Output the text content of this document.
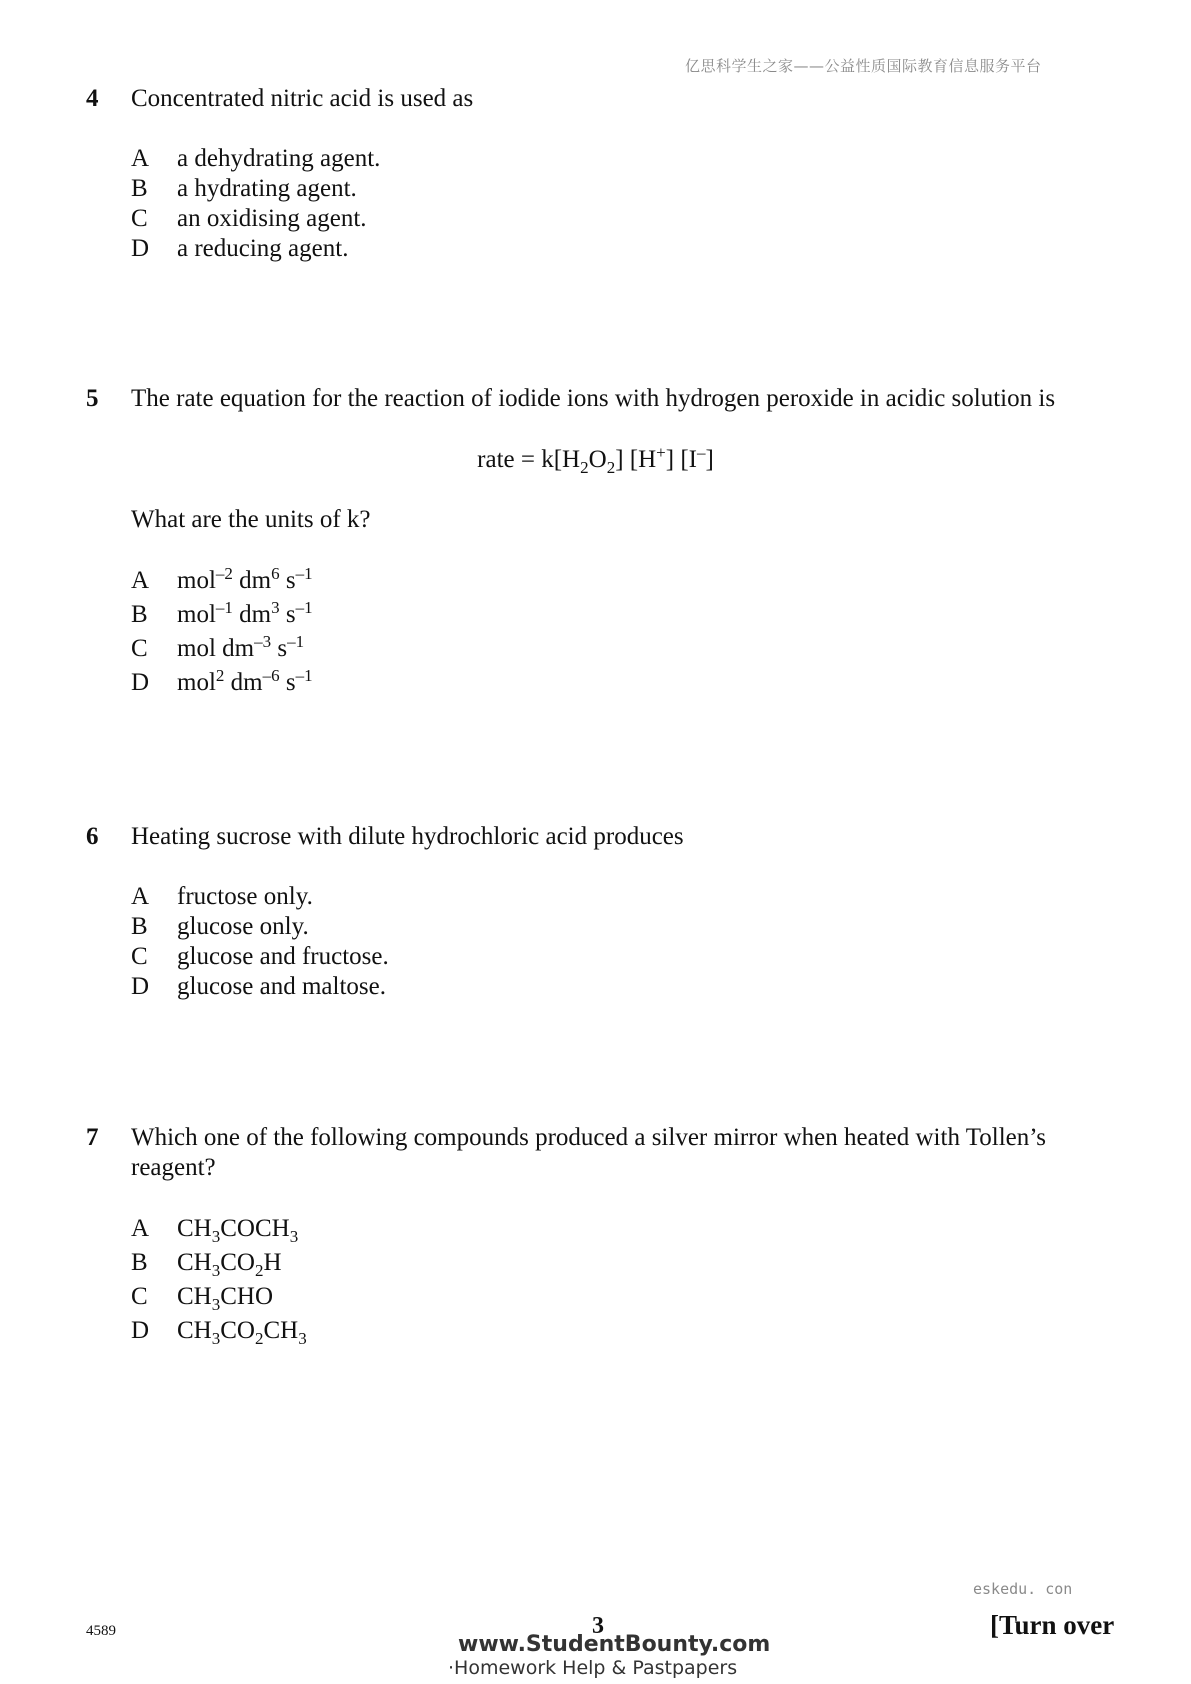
亿思科学生之家——公益性质国际教育信息服务平台
4 Concentrated nitric acid is used as
A a dehydrating agent.
B a hydrating agent.
C an oxidising agent.
D a reducing agent.
5 The rate equation for the reaction of iodide ions with hydrogen peroxide in acidic solution is
rate = $k[H_2O_2]$ [H+] [I–]
What are the units of k?
A mol$^{-2}$ $dm^6$ $s^{-1}$
B mol$^{-1}$ $dm^3$ $s^{-1}$
C mol $dm^{-3}$ $s^{-1}$
D mol$^2$ $dm^{-6}$ $s^{-1}$
6 Heating sucrose with dilute hydrochloric acid produces
A fructose only.
B glucose only.
C glucose and fructose.
D glucose and maltose.
7 Which one of the following compounds produced a silver mirror when heated with Tollen’s reagent?
A $CH_3COCH_3$
B $CH_3CO_2H$
C $CH_3CHO$
D $CH_3CO_2CH_3$
eskedu. con
4589	3	[Turn over
www.StudentBounty.com
·Homework Help & Pastpapers
